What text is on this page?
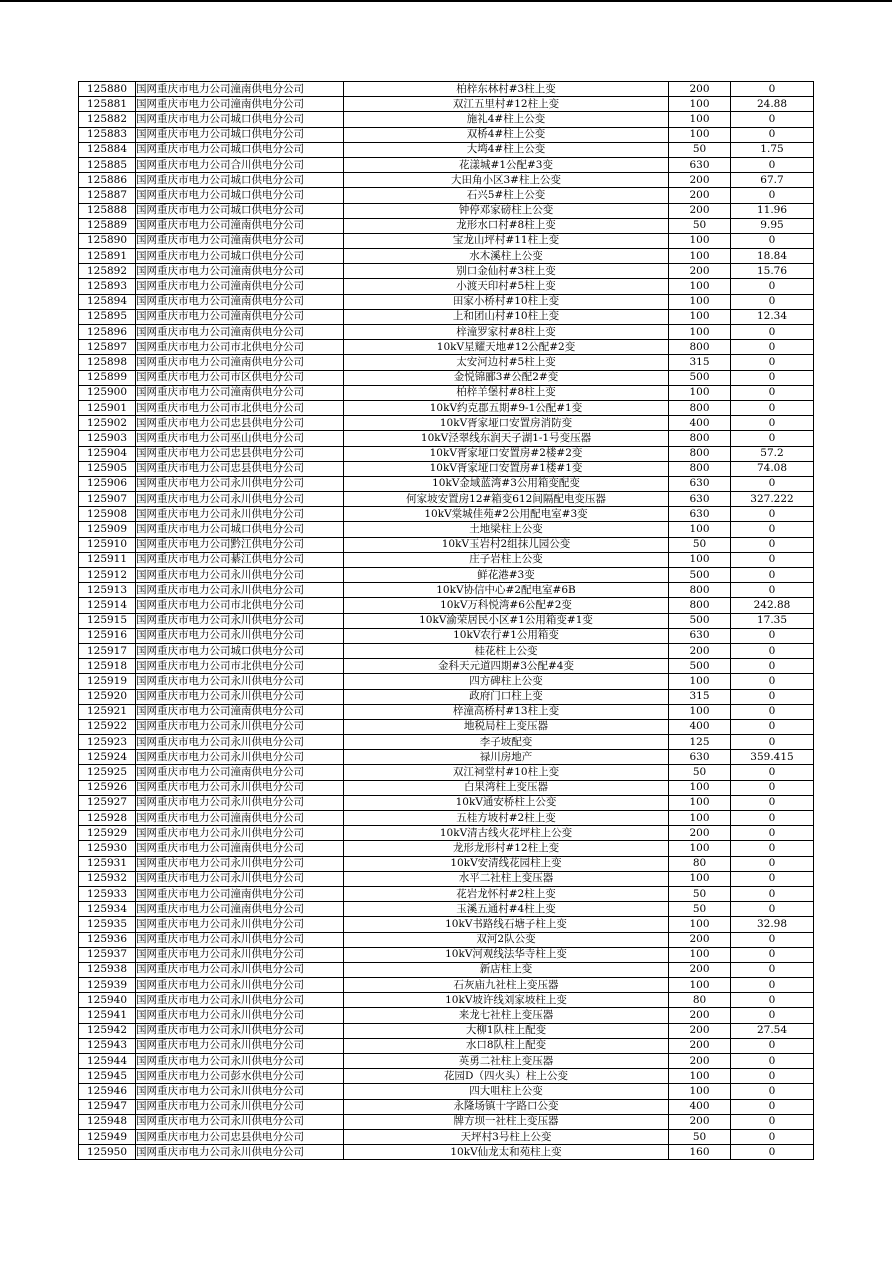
125880	国网重庆市电力公司潼南供电分公司	柏梓东林村#3柱上变	200	0
125881	国网重庆市电力公司潼南供电分公司	双江五里村#12柱上变	100	24.88
125882	国网重庆市电力公司城口供电分公司	施礼4#柱上公变	100	0
125883	国网重庆市电力公司城口供电分公司	双桥4#柱上公变	100	0
125884	国网重庆市电力公司城口供电分公司	大塆4#柱上公变	50	1.75
125885	国网重庆市电力公司合川供电分公司	花漾城#1公配#3变	630	0
125886	国网重庆市电力公司城口供电分公司	大田角小区3#柱上公变	200	67.7
125887	国网重庆市电力公司城口供电分公司	石兴5#柱上公变	200	0
125888	国网重庆市电力公司城口供电分公司	钟停邓家磅柱上公变	200	11.96
125889	国网重庆市电力公司潼南供电分公司	龙形水口村#8柱上变	50	9.95
125890	国网重庆市电力公司潼南供电分公司	宝龙山坪村#11柱上变	100	0
125891	国网重庆市电力公司城口供电分公司	水木溪柱上公变	100	18.84
125892	国网重庆市电力公司潼南供电分公司	别口金仙村#3柱上变	200	15.76
125893	国网重庆市电力公司潼南供电分公司	小渡天印村#5柱上变	100	0
125894	国网重庆市电力公司潼南供电分公司	田家小桥村#10柱上变	100	0
125895	国网重庆市电力公司潼南供电分公司	上和团山村#10柱上变	100	12.34
125896	国网重庆市电力公司潼南供电分公司	梓潼罗家村#8柱上变	100	0
125897	国网重庆市电力公司市北供电分公司	10kV星耀天地#12公配#2变	800	0
125898	国网重庆市电力公司潼南供电分公司	太安河边村#5柱上变	315	0
125899	国网重庆市电力公司市区供电分公司	金悦锦郦3#公配2#变	500	0
125900	国网重庆市电力公司潼南供电分公司	柏梓羊堡村#8柱上变	100	0
125901	国网重庆市电力公司市北供电分公司	10kV约克郡五期#9-1公配#1变	800	0
125902	国网重庆市电力公司忠县供电分公司	10kV胥家垭口安置房消防变	400	0
125903	国网重庆市电力公司巫山供电分公司	10kV泾翠线东润天子湖1-1号变压器	800	0
125904	国网重庆市电力公司忠县供电分公司	10kV胥家垭口安置房#2楼#2变	800	57.2
125905	国网重庆市电力公司忠县供电分公司	10kV胥家垭口安置房#1楼#1变	800	74.08
125906	国网重庆市电力公司永川供电分公司	10kV金域蓝湾#3公用箱变配变	630	0
125907	国网重庆市电力公司永川供电分公司	何家坡安置房12#箱变612间隔配电变压器	630	327.222
125908	国网重庆市电力公司永川供电分公司	10kV棠城佳苑#2公用配电室#3变	630	0
125909	国网重庆市电力公司城口供电分公司	土地梁柱上公变	100	0
125910	国网重庆市电力公司黔江供电分公司	10kV玉岩村2组抹儿园公变	50	0
125911	国网重庆市电力公司綦江供电分公司	庄子岩柱上公变	100	0
125912	国网重庆市电力公司永川供电分公司	鲜花港#3变	500	0
125913	国网重庆市电力公司永川供电分公司	10kV协信中心#2配电室#6B	800	0
125914	国网重庆市电力公司市北供电分公司	10kV万科悦湾#6公配#2变	800	242.88
125915	国网重庆市电力公司永川供电分公司	10kV渝荣居民小区#1公用箱变#1变	500	17.35
125916	国网重庆市电力公司永川供电分公司	10kV农行#1公用箱变	630	0
125917	国网重庆市电力公司城口供电分公司	桂花柱上公变	200	0
125918	国网重庆市电力公司市北供电分公司	金科天元道四期#3公配#4变	500	0
125919	国网重庆市电力公司永川供电分公司	四方碑柱上公变	100	0
125920	国网重庆市电力公司永川供电分公司	政府门口柱上变	315	0
125921	国网重庆市电力公司潼南供电分公司	梓潼高桥村#13柱上变	100	0
125922	国网重庆市电力公司永川供电分公司	地税局柱上变压器	400	0
125923	国网重庆市电力公司永川供电分公司	李子坡配变	125	0
125924	国网重庆市电力公司永川供电分公司	禄川房地产	630	359.415
125925	国网重庆市电力公司潼南供电分公司	双江祠堂村#10柱上变	50	0
125926	国网重庆市电力公司永川供电分公司	白果湾柱上变压器	100	0
125927	国网重庆市电力公司永川供电分公司	10kV通安桥柱上公变	100	0
125928	国网重庆市电力公司潼南供电分公司	五桂方坡村#2柱上变	100	0
125929	国网重庆市电力公司永川供电分公司	10kV清古线火花坪柱上公变	200	0
125930	国网重庆市电力公司潼南供电分公司	龙形龙形村#12柱上变	100	0
125931	国网重庆市电力公司永川供电分公司	10kV安清线花园柱上变	80	0
125932	国网重庆市电力公司永川供电分公司	水平二社柱上变压器	100	0
125933	国网重庆市电力公司潼南供电分公司	花岩龙怀村#2柱上变	50	0
125934	国网重庆市电力公司潼南供电分公司	玉溪五通村#4柱上变	50	0
125935	国网重庆市电力公司永川供电分公司	10kV书路线石塘子柱上变	100	32.98
125936	国网重庆市电力公司永川供电分公司	双河2队公变	200	0
125937	国网重庆市电力公司永川供电分公司	10kV河观线法华寺柱上变	100	0
125938	国网重庆市电力公司永川供电分公司	新店柱上变	200	0
125939	国网重庆市电力公司永川供电分公司	石灰庙九社柱上变压器	100	0
125940	国网重庆市电力公司永川供电分公司	10kV坡许线刘家坡柱上变	80	0
125941	国网重庆市电力公司永川供电分公司	来龙七社柱上变压器	200	0
125942	国网重庆市电力公司永川供电分公司	大柳1队柱上配变	200	27.54
125943	国网重庆市电力公司永川供电分公司	水口8队柱上配变	200	0
125944	国网重庆市电力公司永川供电分公司	英勇二社柱上变压器	200	0
125945	国网重庆市电力公司彭水供电分公司	花园D（四火头）柱上公变	100	0
125946	国网重庆市电力公司永川供电分公司	四大咀柱上公变	100	0
125947	国网重庆市电力公司永川供电分公司	永隆场镇十字路口公变	400	0
125948	国网重庆市电力公司永川供电分公司	牌方坝一社柱上变压器	200	0
125949	国网重庆市电力公司忠县供电分公司	天坪村3号柱上公变	50	0
125950	国网重庆市电力公司永川供电分公司	10kV仙龙太和苑柱上变	160	0
